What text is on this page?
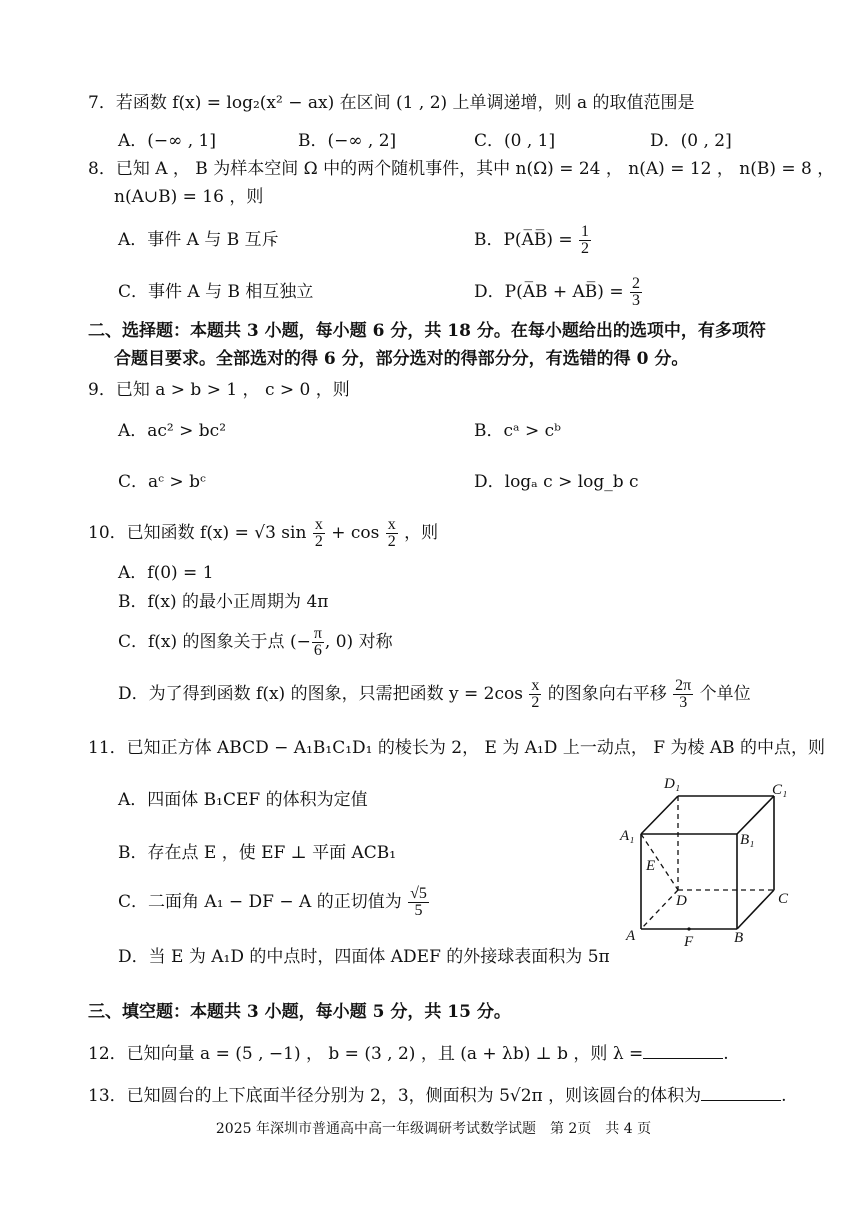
7．若函数 f(x) = log₂(x² − ax) 在区间 (1 , 2) 上单调递增，则 a 的取值范围是
A．(−∞ , 1]	B．(−∞ , 2]	C．(0 , 1]	D．(0 , 2]
8．已知 A ， B 为样本空间 Ω 中的两个随机事件，其中 n(Ω) = 24 ， n(A) = 12 ， n(B) = 8 ，
n(A∪B) = 16 ，则
A．事件 A 与 B 互斥	B．P(A̅B̅) = $\frac{1}{2}$
C．事件 A 与 B 相互独立	D．P(A̅B + AB̅) = $\frac{2}{3}$
二、选择题：本题共 3 小题，每小题 6 分，共 18 分。在每小题给出的选项中，有多项符
合题目要求。全部选对的得 6 分，部分选对的得部分分，有选错的得 0 分。
9．已知 a > b > 1 ， c > 0 ，则
A．ac² > bc²	B．cᵃ > cᵇ
C．aᶜ > bᶜ	D．logₐ c > log_b c
10．已知函数 f(x) = √3 $\sin \frac{x}{2} + \cos \frac{x}{2}$ ，则
A．f(0) = 1
B．f(x) 的最小正周期为 4π
C．f(x) 的图象关于点 (− $\frac{\pi}{6}$ , 0) 对称
D．为了得到函数 f(x) 的图象，只需把函数 $y = 2\cos \frac{x}{2}$ 的图象向右平移 $\frac{2\pi}{3}$ 个单位
11．已知正方体 ABCD − A₁B₁C₁D₁ 的棱长为 2， E 为 A₁D 上一动点， F 为棱 AB 的中点，则
A．四面体 B₁CEF 的体积为定值
B．存在点 E ，使 EF ⊥ 平面 ACB₁
C．二面角 A₁ − DF − A 的正切值为 $\frac{√5}{5}$
D．当 E 为 A₁D 的中点时，四面体 ADEF 的外接球表面积为 5π
D₁	C₁
A₁	B₁
E
D	C
A	F	B
三、填空题：本题共 3 小题，每小题 5 分，共 15 分。
12．已知向量 a = (5 , −1) ， b = (3 , 2) ，且 (a + λb) ⊥ b ，则 λ =	.
13．已知圆台的上下底面半径分别为 2，3，侧面积为 5√2π ，则该圆台的体积为	.
2025 年深圳市普通高中高一年级调研考试数学试题　第 2页　共 4 页
